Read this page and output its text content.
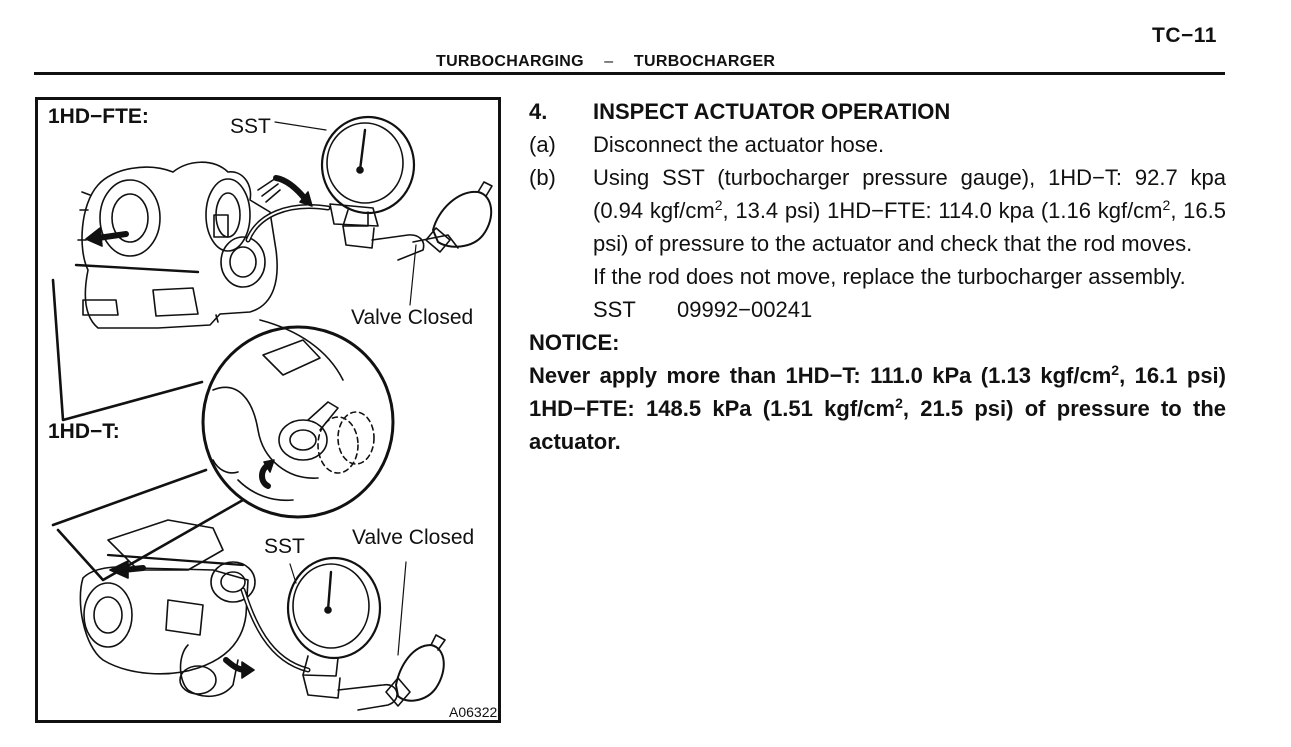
TC−11
TURBOCHARGING – TURBOCHARGER
1HD−FTE:	SST
Valve Closed
1HD−T:
SST Valve Closed
A06322
4.	INSPECT ACTUATOR OPERATION
(a)	Disconnect the actuator hose.
(b)	Using SST (turbocharger pressure gauge), 1HD−T: 92.7 kpa (0.94 kgf/$cm^2$, 13.4 psi) 1HD−FTE: 114.0 kpa (1.16 kgf/$cm^2$, 16.5 psi) of pressure to the actuator and check that the rod moves.
If the rod does not move, replace the turbocharger assembly.
SST 09992−00241
NOTICE:
Never apply more than 1HD−T: 111.0 kPa (1.13 kgf/$cm^2$, 16.1 psi) 1HD−FTE: 148.5 kPa (1.51 kgf/$cm^2$, 21.5 psi) of pressure to the actuator.
